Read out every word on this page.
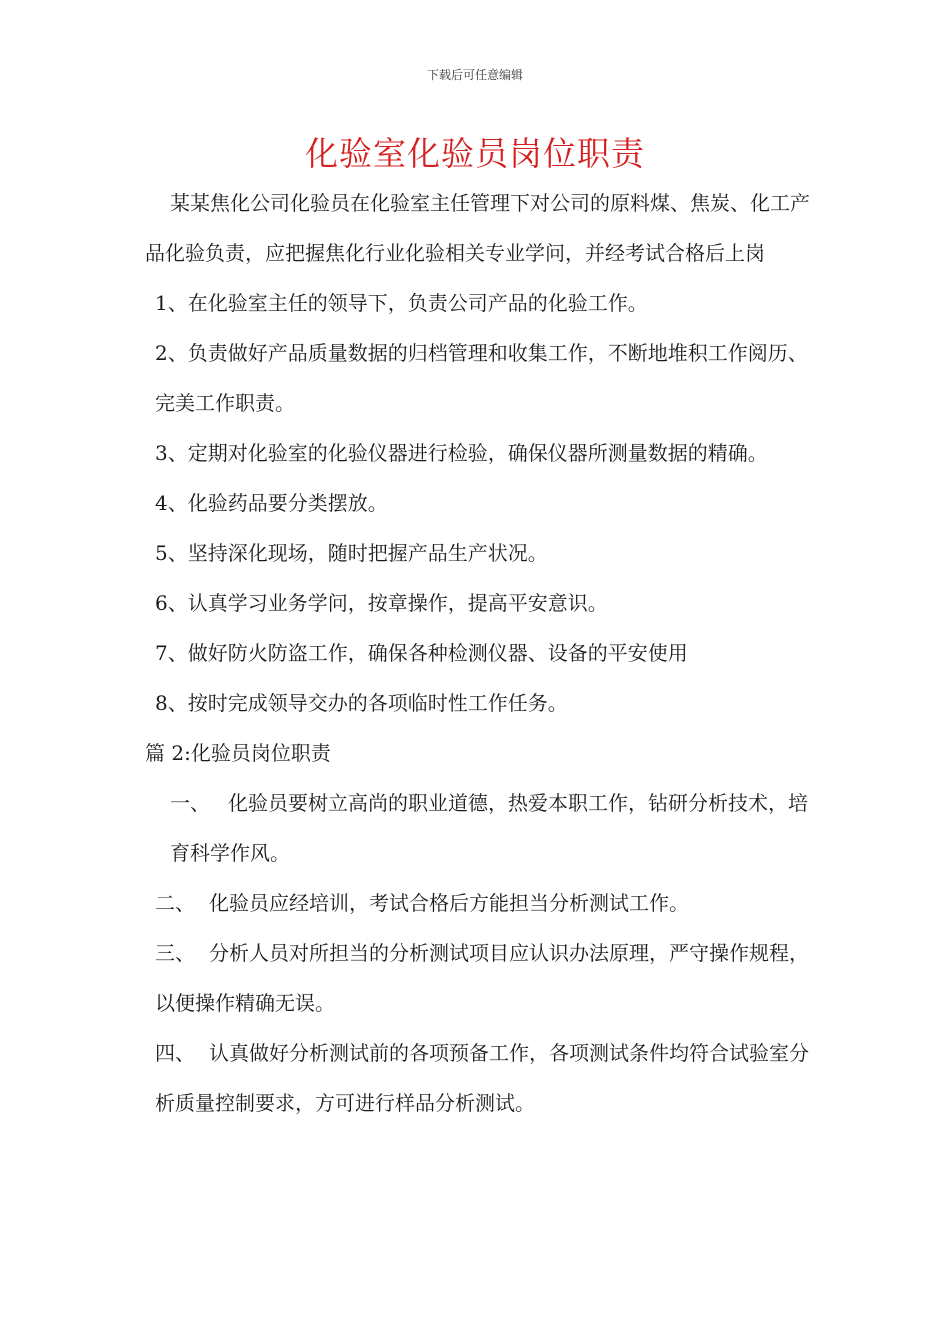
下载后可任意编辑
化验室化验员岗位职责

某某焦化公司化验员在化验室主任管理下对公司的原料煤、焦炭、化工产品化验负责，应把握焦化行业化验相关专业学问，并经考试合格后上岗

1、在化验室主任的领导下，负责公司产品的化验工作。

2、负责做好产品质量数据的归档管理和收集工作，不断地堆积工作阅历、完美工作职责。

3、定期对化验室的化验仪器进行检验，确保仪器所测量数据的精确。

4、化验药品要分类摆放。

5、坚持深化现场，随时把握产品生产状况。

6、认真学习业务学问，按章操作，提高平安意识。

7、做好防火防盗工作，确保各种检测仪器、设备的平安使用

8、按时完成领导交办的各项临时性工作任务。

篇 2:化验员岗位职责

一、 化验员要树立高尚的职业道德，热爱本职工作，钻研分析技术，培育科学作风。

二、 化验员应经培训，考试合格后方能担当分析测试工作。

三、 分析人员对所担当的分析测试项目应认识办法原理，严守操作规程，以便操作精确无误。

四、 认真做好分析测试前的各项预备工作，各项测试条件均符合试验室分析质量控制要求，方可进行样品分析测试。
